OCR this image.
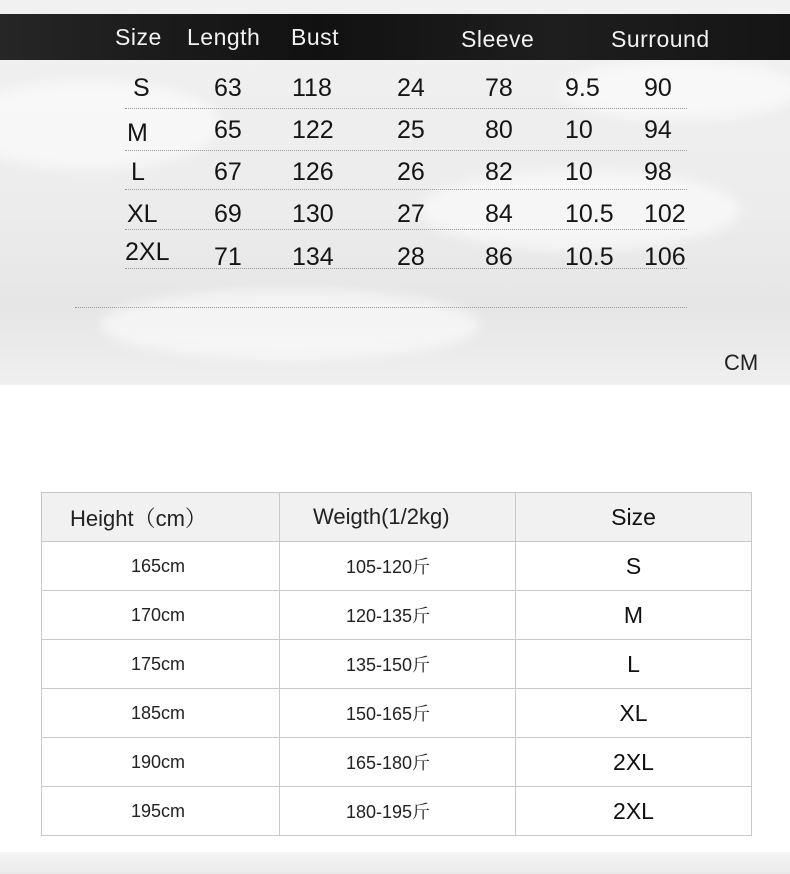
Size Length Bust	Sleeve	Surround
S	63 118	24 78 9.5 90
M	65 122	25 80 10 94
L	67 126	26 82 10 98
XL 69 130	27 84 10.5 102
2XL 71 134	28 86 10.5 106
CM
Height（cm）	Weigth(1/2kg)	Size
165cm	105-120斤	S
170cm	120-135斤	M
175cm	135-150斤	L
185cm	150-165斤	XL
190cm	165-180斤	2XL
195cm	180-195斤	2XL
